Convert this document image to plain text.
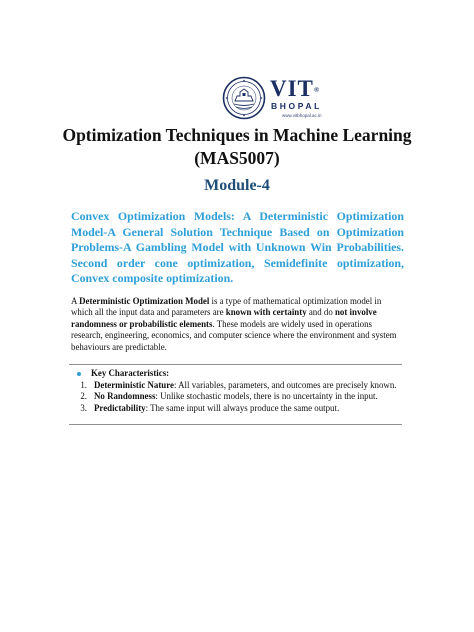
VIT®
BHOPAL
www.vitbhopal.ac.in
Optimization Techniques in Machine Learning
(MAS5007)
Module-4
Convex Optimization Models: A Deterministic Optimization Model-A General Solution Technique Based on Optimization Problems-A Gambling Model with Unknown Win Probabilities. Second order cone optimization, Semidefinite optimization, Convex composite optimization.
A Deterministic Optimization Model is a type of mathematical optimization model in which all the input data and parameters are known with certainty and do not involve randomness or probabilistic elements. These models are widely used in operations research, engineering, economics, and computer science where the environment and system behaviours are predictable.
Key Characteristics:
1. Deterministic Nature: All variables, parameters, and outcomes are precisely known.
2. No Randomness: Unlike stochastic models, there is no uncertainty in the input.
3. Predictability: The same input will always produce the same output.
